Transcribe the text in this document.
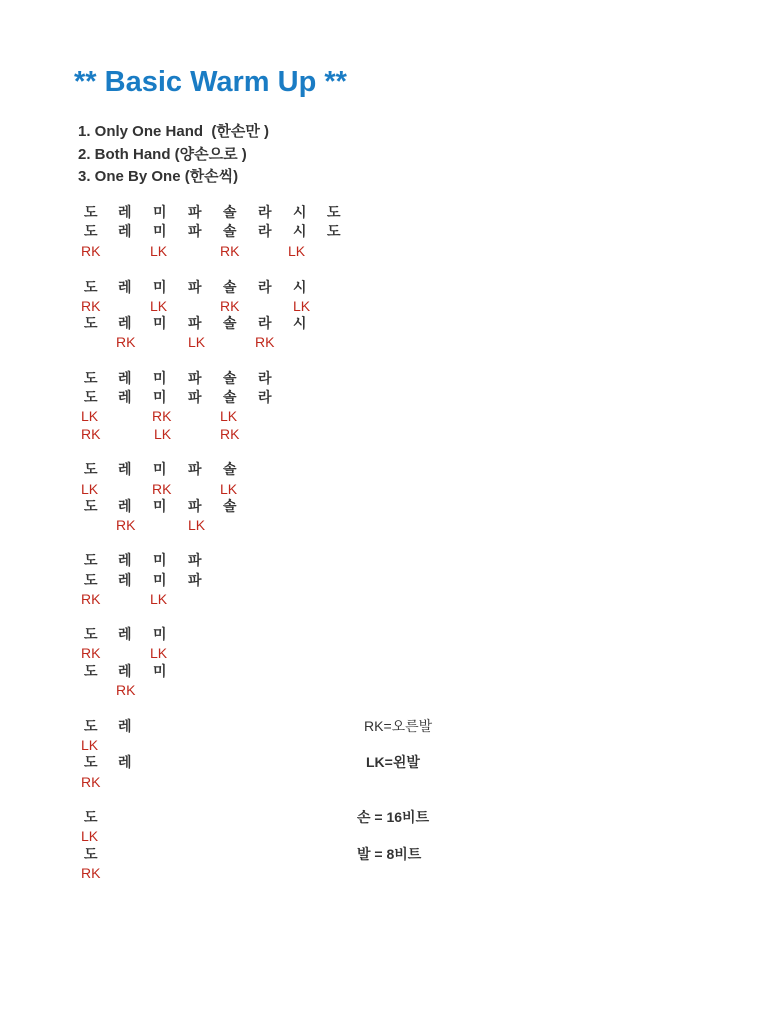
** Basic Warm Up **
1. Only One Hand  (한손만 )
2. Both Hand (양손으로 )
3. One By One (한손씩)
도 레 미 파 솔 라 시 도
도 레 미 파 솔 라 시 도
RK	LK	RK	LK
도 레 미 파 솔 라 시
RK	LK	RK	LK
도 레 미 파 솔 라 시
RK	LK	RK
도 레 미 파 솔 라
도 레 미 파 솔 라
LK	RK	LK
RK	LK	RK
도 레 미 파 솔
LK	RK	LK
도 레 미 파 솔
RK	LK
도 레 미 파
도 레 미 파
RK	LK
도 레 미
RK	LK
도 레 미
RK
도 레
LK
도 레
RK
도
LK
도
RK
RK=오른발
LK=왼발
손 = 16비트
발 = 8비트
